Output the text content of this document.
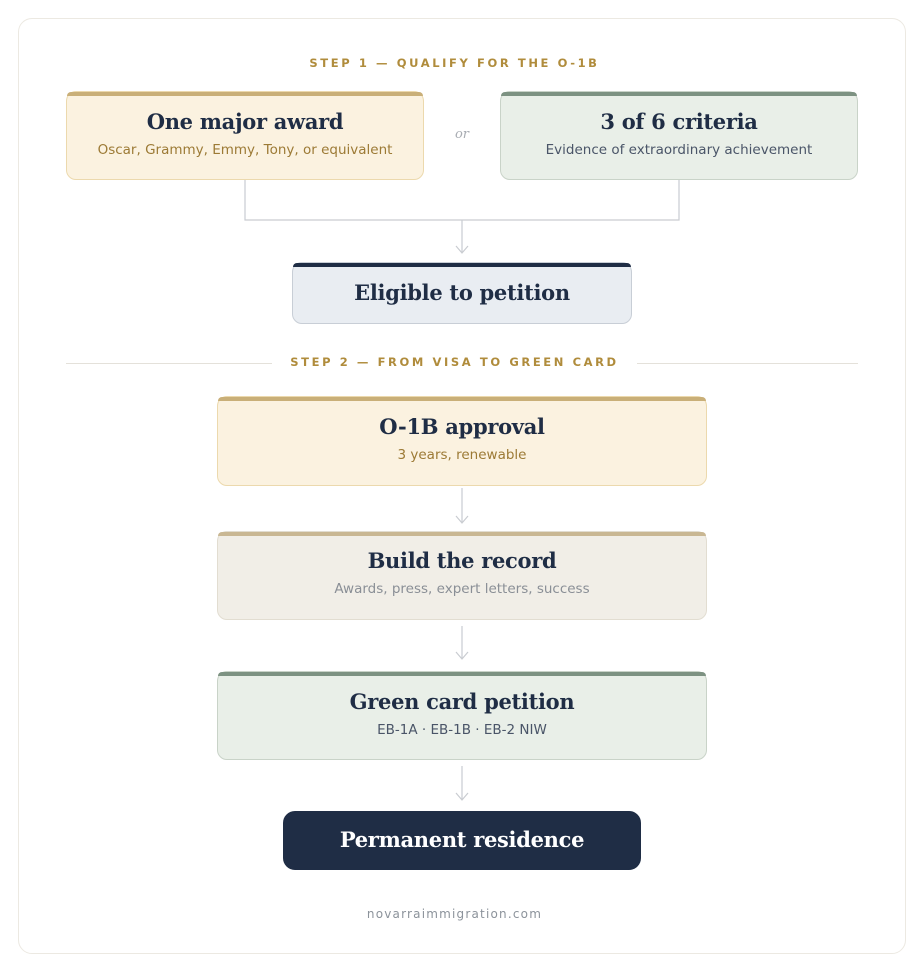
STEP 1 — QUALIFY FOR THE O-1B
One major award
Oscar, Grammy, Emmy, Tony, or equivalent
or
3 of 6 criteria
Evidence of extraordinary achievement
Eligible to petition
STEP 2 — FROM VISA TO GREEN CARD
O-1B approval
3 years, renewable
Build the record
Awards, press, expert letters, success
Green card petition
EB-1A · EB-1B · EB-2 NIW
Permanent residence
novarraimmigration.com
